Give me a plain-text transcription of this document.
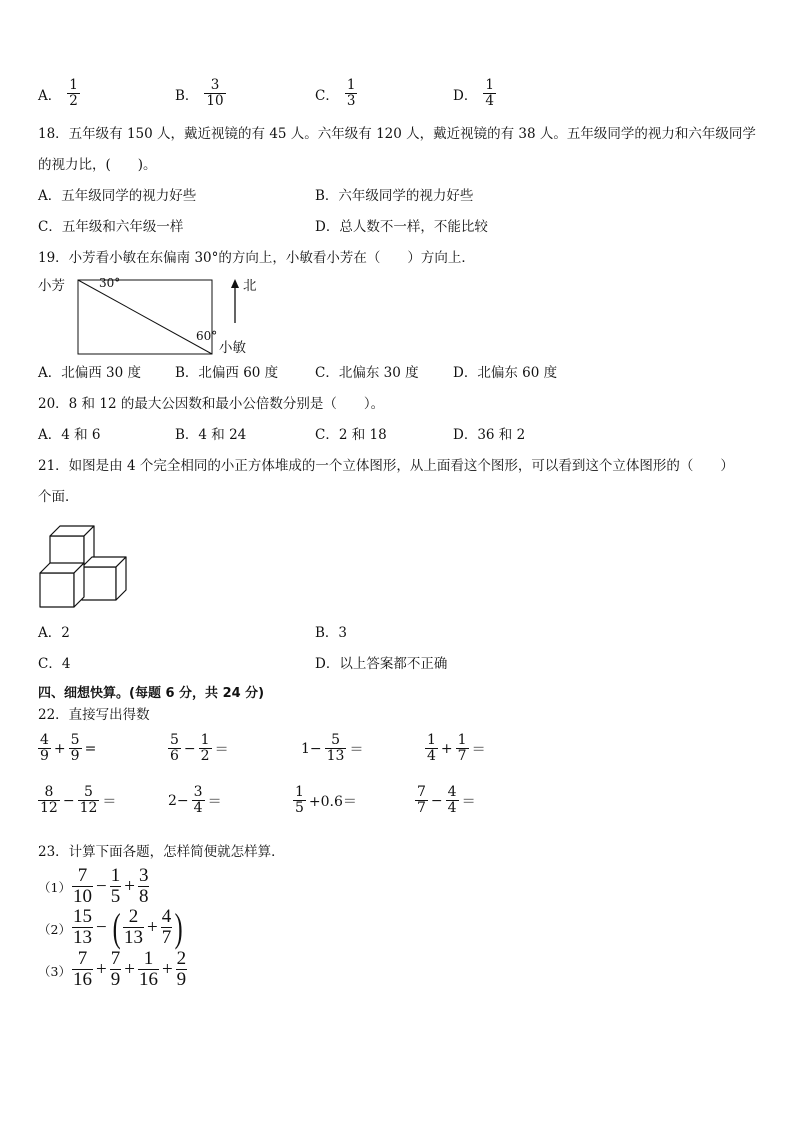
A． $\frac{1}{2}$	B． $\frac{3}{10}$	C． $\frac{1}{3}$	D． $\frac{1}{4}$
18．五年级有 150 人，戴近视镜的有 45 人。六年级有 120 人，戴近视镜的有 38 人。五年级同学的视力和六年级同学
的视力比，(　　)。
A．五年级同学的视力好些	B．六年级同学的视力好些
C．五年级和六年级一样	D．总人数不一样，不能比较
19．小芳看小敏在东偏南 30°的方向上，小敏看小芳在（　　）方向上．
小芳	30°
60°
北
小敏
A．北偏西 30 度	B．北偏西 60 度	C．北偏东 30 度	D．北偏东 60 度
20．8 和 12 的最大公因数和最小公倍数分别是（　　）。
A．4 和 6	B．4 和 24	C．2 和 18	D．36 和 2
21．如图是由 4 个完全相同的小正方体堆成的一个立体图形，从上面看这个图形，可以看到这个立体图形的（　　）
个面．
A．2	B．3
C．4	D．以上答案都不正确
四、细想快算。(每题 6 分，共 24 分)
22．直接写出得数
$\frac{4}{9} + \frac{5}{9}$ =	$\frac{5}{6} - \frac{1}{2}$ ＝	$1- \frac{5}{13}$ ＝	$\frac{1}{4} + \frac{1}{7}$ ＝
$\frac{8}{12} - \frac{5}{12}$ ＝	$2- \frac{3}{4}$ ＝	$\frac{1}{5} +0.6=$	$\frac{7}{7} - \frac{4}{4}$ ＝
23．计算下面各题，怎样简便就怎样算．
$(1) \frac{7}{10} - \frac{1}{5} + \frac{3}{8}$
$(2) \frac{15}{13}$ − ( $\frac{2}{13} + \frac{4}{7}$ )
$(3) \frac{7}{16} + \frac{7}{9} + \frac{1}{16} + \frac{2}{9}$
